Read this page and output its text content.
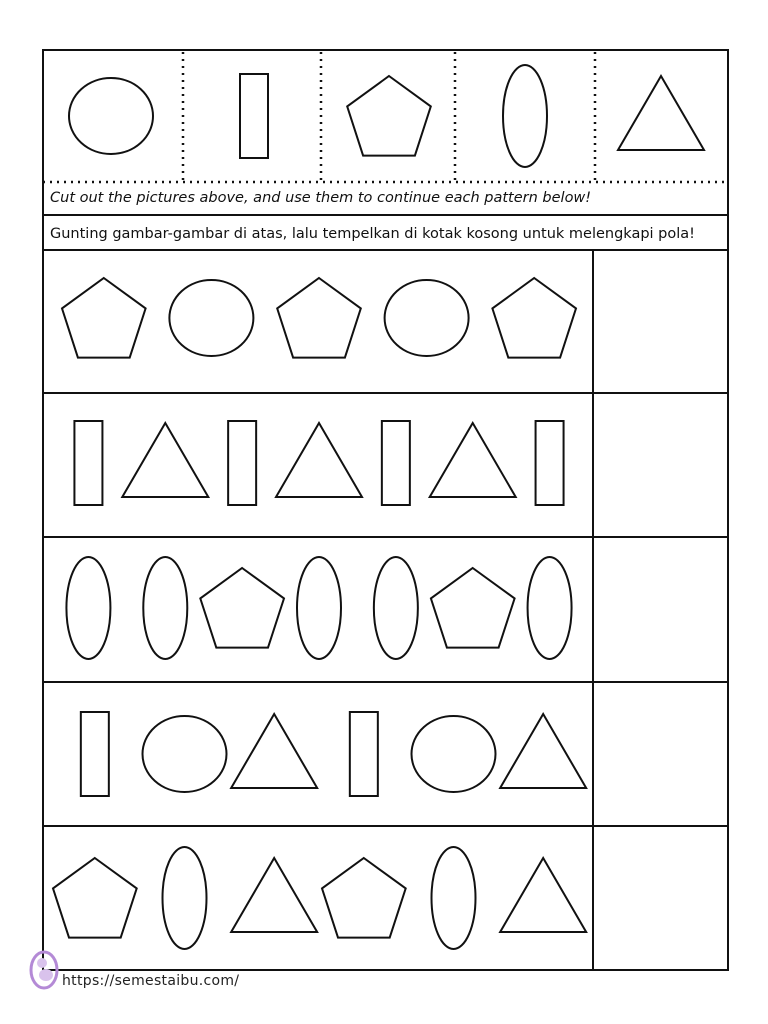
Cut out the pictures above, and use them to continue each pattern below!
Gunting gambar-gambar di atas, lalu tempelkan di kotak kosong untuk melengkapi pola!
https://semestaibu.com/
